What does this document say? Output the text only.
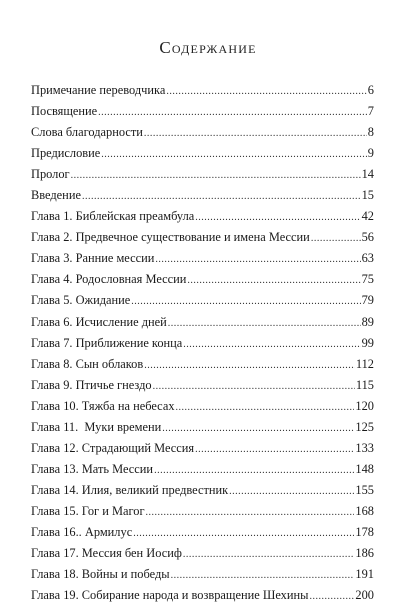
Содержание
Примечание переводчика .....	6
Посвящение .....	7
Слова благодарности .....	8
Предисловие .....	9
Пролог .....	14
Введение .....	15
Глава 1. Библейская преамбула .....	42
Глава 2. Предвечное существование и имена Мессии .....	56
Глава 3. Ранние мессии .....	63
Глава 4. Родословная Мессии .....	75
Глава 5. Ожидание .....	79
Глава 6. Исчисление дней .....	89
Глава 7. Приближение конца .....	99
Глава 8. Сын облаков .....	112
Глава 9. Птичье гнездо .....	115
Глава 10. Тяжба на небесах .....	120
Глава 11.  Муки времени .....	125
Глава 12. Страдающий Мессия .....	133
Глава 13. Мать Мессии .....	148
Глава 14. Илия, великий предвестник .....	155
Глава 15. Гог и Магог .....	168
Глава 16.. Армилус .....	178
Глава 17. Мессия бен Иосиф .....	186
Глава 18. Войны и победы .....	191
Глава 19. Собирание народа и возвращение Шехины .....	200
